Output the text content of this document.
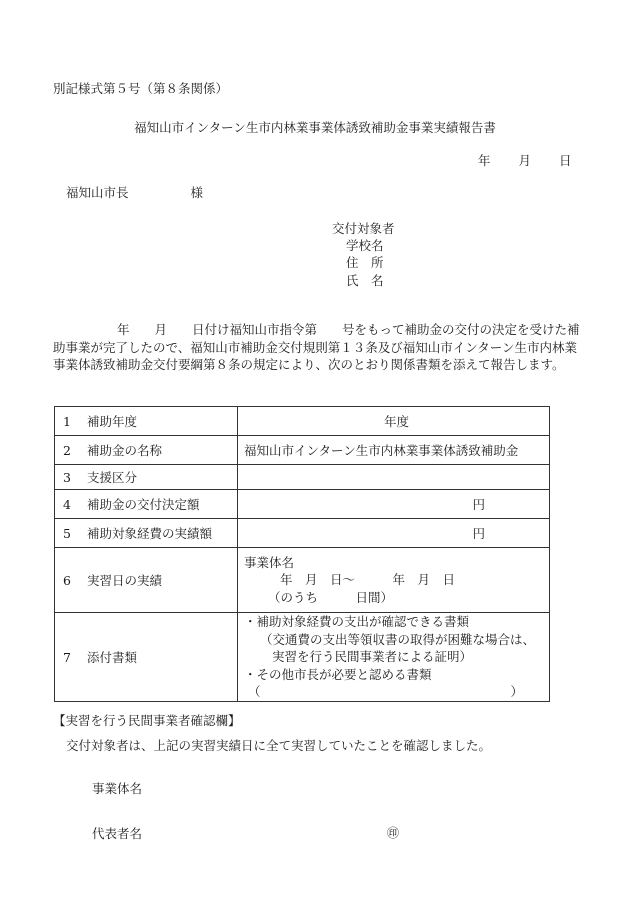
別記様式第５号（第８条関係）
福知山市インターン生市内林業事業体誘致補助金事業実績報告書
年 月 日
福知山市長	様
交付対象者
学校名
住　所
氏　名
年　　月　　日付け福知山市指令第　　号をもって補助金の交付の決定を受けた補助事業が完了したので、福知山市補助金交付規則第１３条及び福知山市インターン生市内林業事業体誘致補助金交付要綱第８条の規定により、次のとおり関係書類を添えて報告します。
1 補助年度	年度
2 補助金の名称	福知山市インターン生市内林業事業体誘致補助金
3 支援区分	
4 補助金の交付決定額	円

5 補助対象経費の実績額	円

6 実習日の実績	事業体名
年　月　日～　　　年　月　日
（のうち　　　日間）

7 添付書類	・補助対象経費の支出が確認できる書類
（交通費の支出等領収書の取得が困難な場合は、
実習を行う民間事業者による証明）
・その他市長が必要と認める書類
（　　　　　　　　　　　　　　　　　　　　）
【実習を行う民間事業者確認欄】
交付対象者は、上記の実習実績日に全て実習していたことを確認しました。
事業体名
代表者名	㊞
